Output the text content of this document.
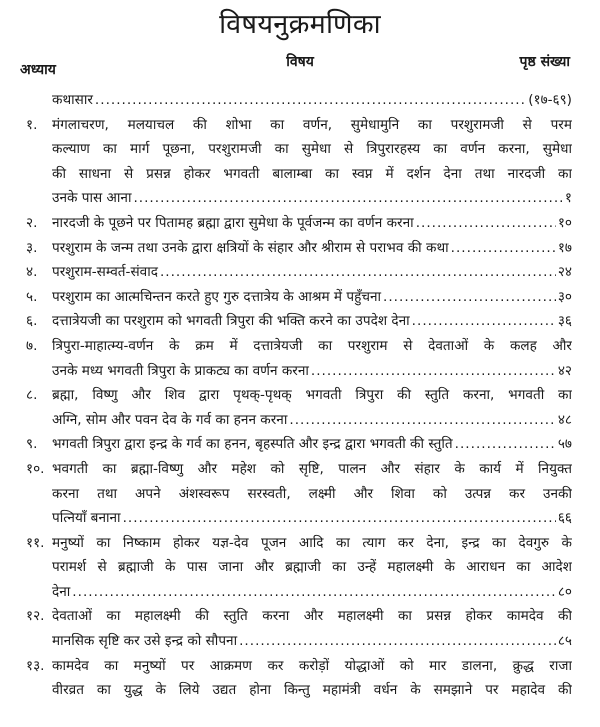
विषयनुक्रमणिका
अध्याय	विषय	पृष्ठ संख्या
कथासार .....	(१७-६९)
१.	मंगलाचरण, मलयाचल की शोभा का वर्णन, सुमेधामुनि का परशुरामजी से परम
कल्याण का मार्ग पूछना, परशुरामजी का सुमेधा से त्रिपुरारहस्य का वर्णन करना, सुमेधा
की साधना से प्रसन्न होकर भगवती बालाम्बा का स्वप्न में दर्शन देना तथा नारदजी का
उनके पास आना .....	१
२.	नारदजी के पूछने पर पितामह ब्रह्मा द्वारा सुमेधा के पूर्वजन्म का वर्णन करना .....	१०
३.	परशुराम के जन्म तथा उनके द्वारा क्षत्रियों के संहार और श्रीराम से पराभव की कथा .....	१७
४.	परशुराम-सम्वर्त-संवाद .....	२४
५.	परशुराम का आत्मचिन्तन करते हुए गुरु दत्तात्रेय के आश्रम में पहुँचना .....	३०
६.	दत्तात्रेयजी का परशुराम को भगवती त्रिपुरा की भक्ति करने का उपदेश देना .....	३६
७.	त्रिपुरा-माहात्म्य-वर्णन के क्रम में दत्तात्रेयजी का परशुराम से देवताओं के कलह और
उनके मध्य भगवती त्रिपुरा के प्राकट्य का वर्णन करना .....	४२
८.	ब्रह्मा, विष्णु और शिव द्वारा पृथक्-पृथक् भगवती त्रिपुरा की स्तुति करना, भगवती का
अग्नि, सोम और पवन देव के गर्व का हनन करना .....	४८
९.	भगवती त्रिपुरा द्वारा इन्द्र के गर्व का हनन, बृहस्पति और इन्द्र द्वारा भगवती की स्तुति .....	५७
१०. भवगती का ब्रह्मा-विष्णु और महेश को सृष्टि, पालन और संहार के कार्य में नियुक्त
करना तथा अपने अंशस्वरूप सरस्वती, लक्ष्मी और शिवा को उत्पन्न कर उनकी
पत्नियाँ बनाना .....	६६
११. मनुष्यों का निष्काम होकर यज्ञ-देव पूजन आदि का त्याग कर देना, इन्द्र का देवगुरु के
परामर्श से ब्रह्माजी के पास जाना और ब्रह्माजी का उन्हें महालक्ष्मी के आराधन का आदेश
देना .....	८०
१२. देवताओं का महालक्ष्मी की स्तुति करना और महालक्ष्मी का प्रसन्न होकर कामदेव की
मानसिक सृष्टि कर उसे इन्द्र को सौपना .....	८५
१३. कामदेव का मनुष्यों पर आक्रमण कर करोड़ों योद्धाओं को मार डालना, क्रुद्ध राजा
वीरव्रत का युद्ध के लिये उद्यत होना किन्तु महामंत्री वर्धन के समझाने पर महादेव की
